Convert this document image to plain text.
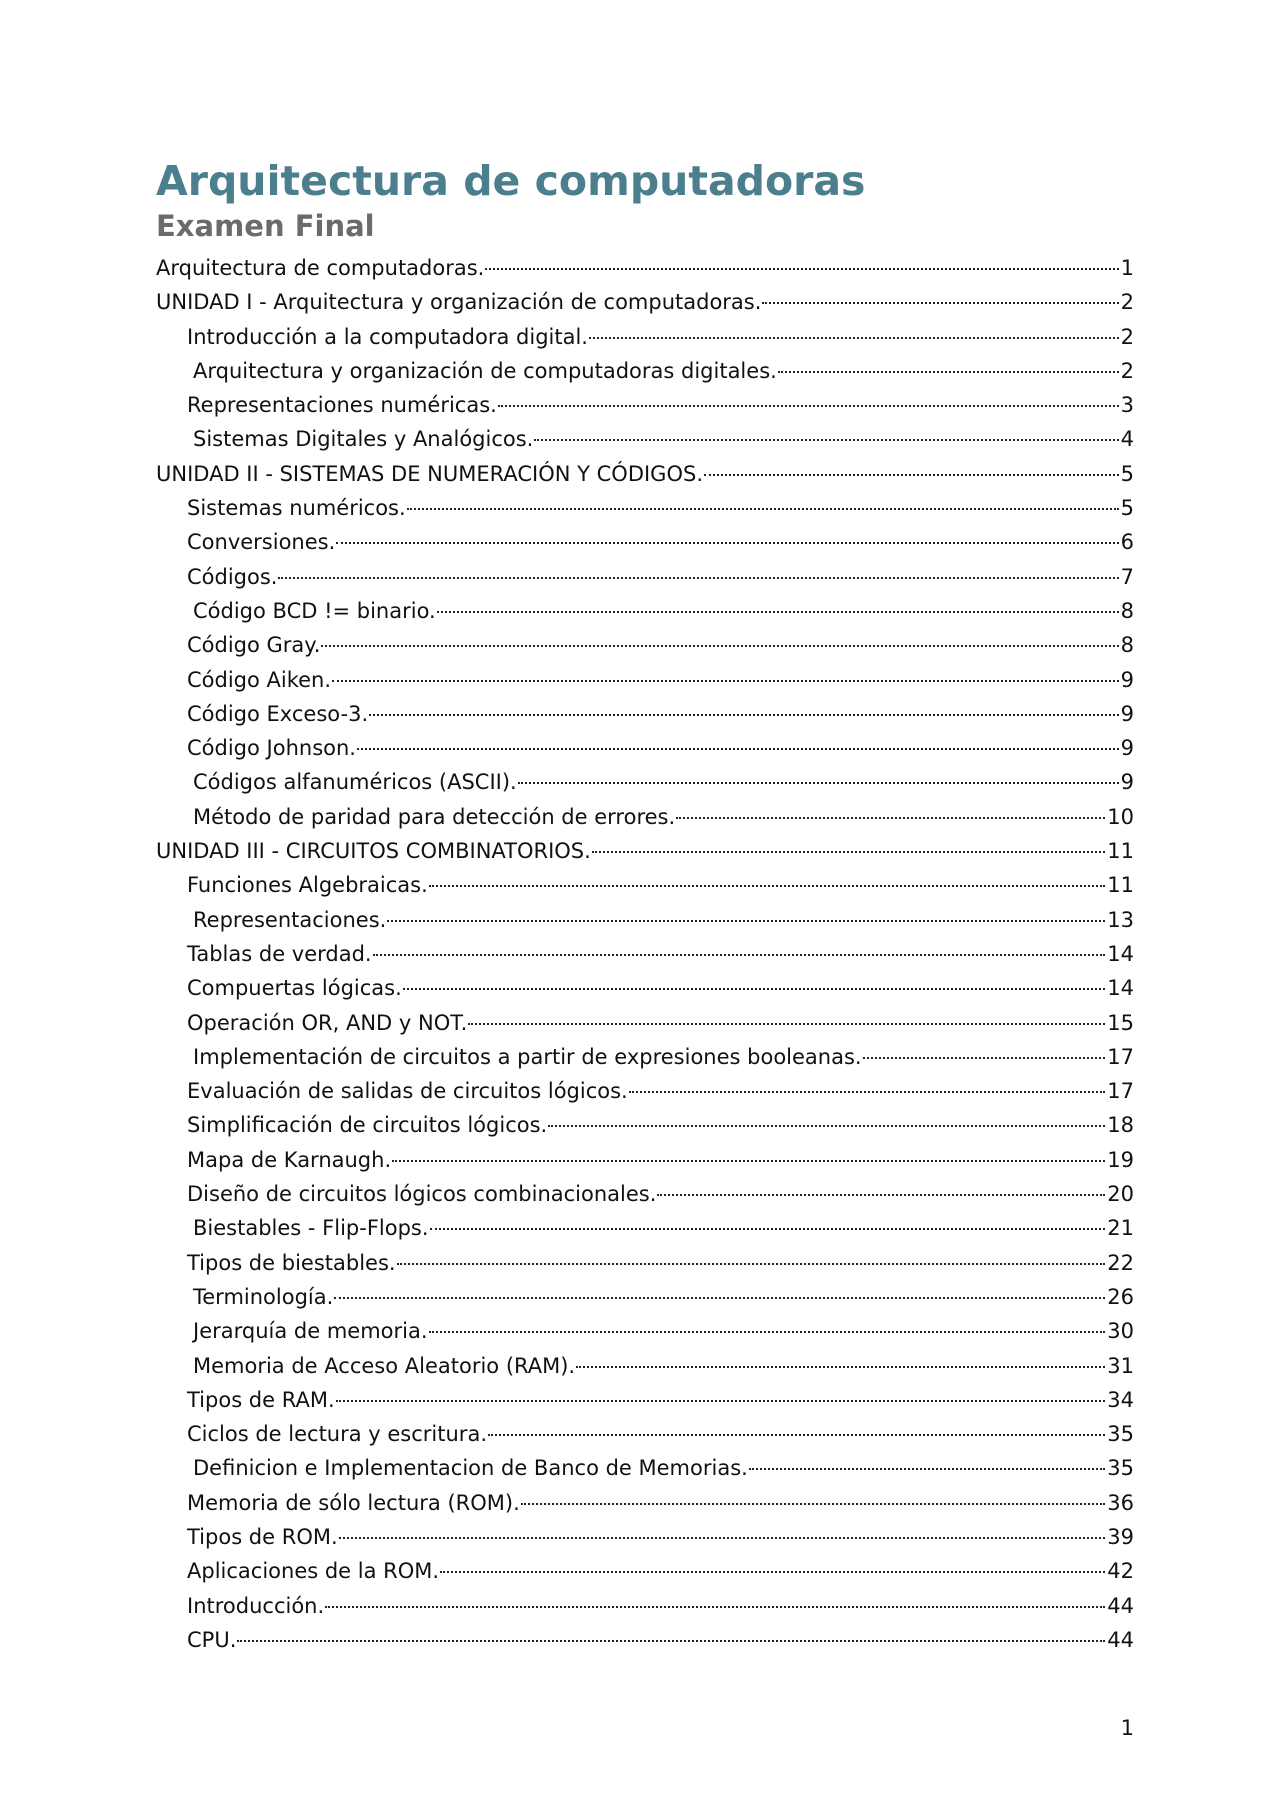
Arquitectura de computadoras
Examen Final
Arquitectura de computadoras.	1
UNIDAD I - Arquitectura y organización de computadoras.	2
Introducción a la computadora digital.	2
Arquitectura y organización de computadoras digitales.	2
Representaciones numéricas.	3
Sistemas Digitales y Analógicos.	4
UNIDAD II - SISTEMAS DE NUMERACIÓN Y CÓDIGOS.	5
Sistemas numéricos.	5
Conversiones.	6
Códigos.	7
Código BCD != binario.	8
Código Gray.	8
Código Aiken.	9
Código Exceso-3.	9
Código Johnson.	9
Códigos alfanuméricos (ASCII).	9
Método de paridad para detección de errores.	10
UNIDAD III - CIRCUITOS COMBINATORIOS.	11
Funciones Algebraicas.	11
Representaciones.	13
Tablas de verdad.	14
Compuertas lógicas.	14
Operación OR, AND y NOT.	15
Implementación de circuitos a partir de expresiones booleanas.	17
Evaluación de salidas de circuitos lógicos.	17
Simplificación de circuitos lógicos.	18
Mapa de Karnaugh.	19
Diseño de circuitos lógicos combinacionales.	20
Biestables - Flip-Flops.	21
Tipos de biestables.	22
Terminología.	26
Jerarquía de memoria.	30
Memoria de Acceso Aleatorio (RAM).	31
Tipos de RAM.	34
Ciclos de lectura y escritura.	35
Definicion e Implementacion de Banco de Memorias.	35
Memoria de sólo lectura (ROM).	36
Tipos de ROM.	39
Aplicaciones de la ROM.	42
Introducción.	44
CPU.	44
1
